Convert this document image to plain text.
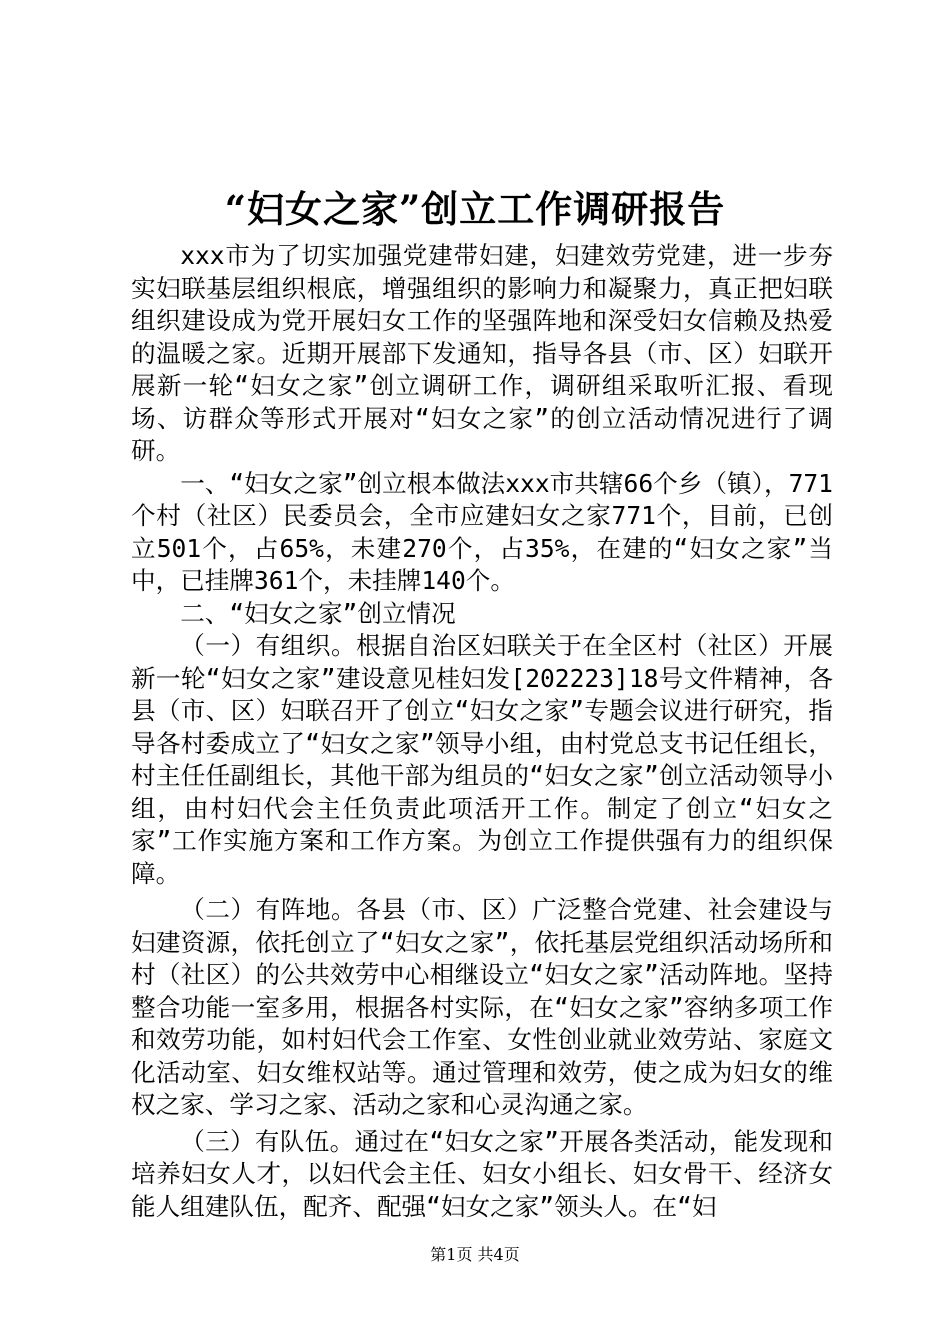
“妇女之家”创立工作调研报告

xxx市为了切实加强党建带妇建，妇建效劳党建，进一步夯实妇联基层组织根底，增强组织的影响力和凝聚力，真正把妇联组织建设成为党开展妇女工作的坚强阵地和深受妇女信赖及热爱的温暖之家。近期开展部下发通知，指导各县（市、区）妇联开展新一轮“妇女之家”创立调研工作，调研组采取听汇报、看现场、访群众等形式开展对“妇女之家”的创立活动情况进行了调研。

一、“妇女之家”创立根本做法xxx市共辖66个乡（镇），771个村（社区）民委员会，全市应建妇女之家771个，目前，已创立501个，占65%，未建270个，占35%，在建的“妇女之家”当中，已挂牌361个，未挂牌140个。

二、“妇女之家”创立情况

（一）有组织。根据自治区妇联关于在全区村（社区）开展新一轮“妇女之家”建设意见桂妇发[202223]18号文件精神，各县（市、区）妇联召开了创立“妇女之家”专题会议进行研究，指导各村委成立了“妇女之家”领导小组，由村党总支书记任组长，村主任任副组长，其他干部为组员的“妇女之家”创立活动领导小组，由村妇代会主任负责此项活开工作。制定了创立“妇女之家”工作实施方案和工作方案。为创立工作提供强有力的组织保障。

（二）有阵地。各县（市、区）广泛整合党建、社会建设与妇建资源，依托创立了“妇女之家”，依托基层党组织活动场所和村（社区）的公共效劳中心相继设立“妇女之家”活动阵地。坚持整合功能一室多用，根据各村实际，在“妇女之家”容纳多项工作和效劳功能，如村妇代会工作室、女性创业就业效劳站、家庭文化活动室、妇女维权站等。通过管理和效劳，使之成为妇女的维权之家、学习之家、活动之家和心灵沟通之家。

（三）有队伍。通过在“妇女之家”开展各类活动，能发现和培养妇女人才，以妇代会主任、妇女小组长、妇女骨干、经济女能人组建队伍，配齐、配强“妇女之家”领头人。在“妇

第1页 共4页
